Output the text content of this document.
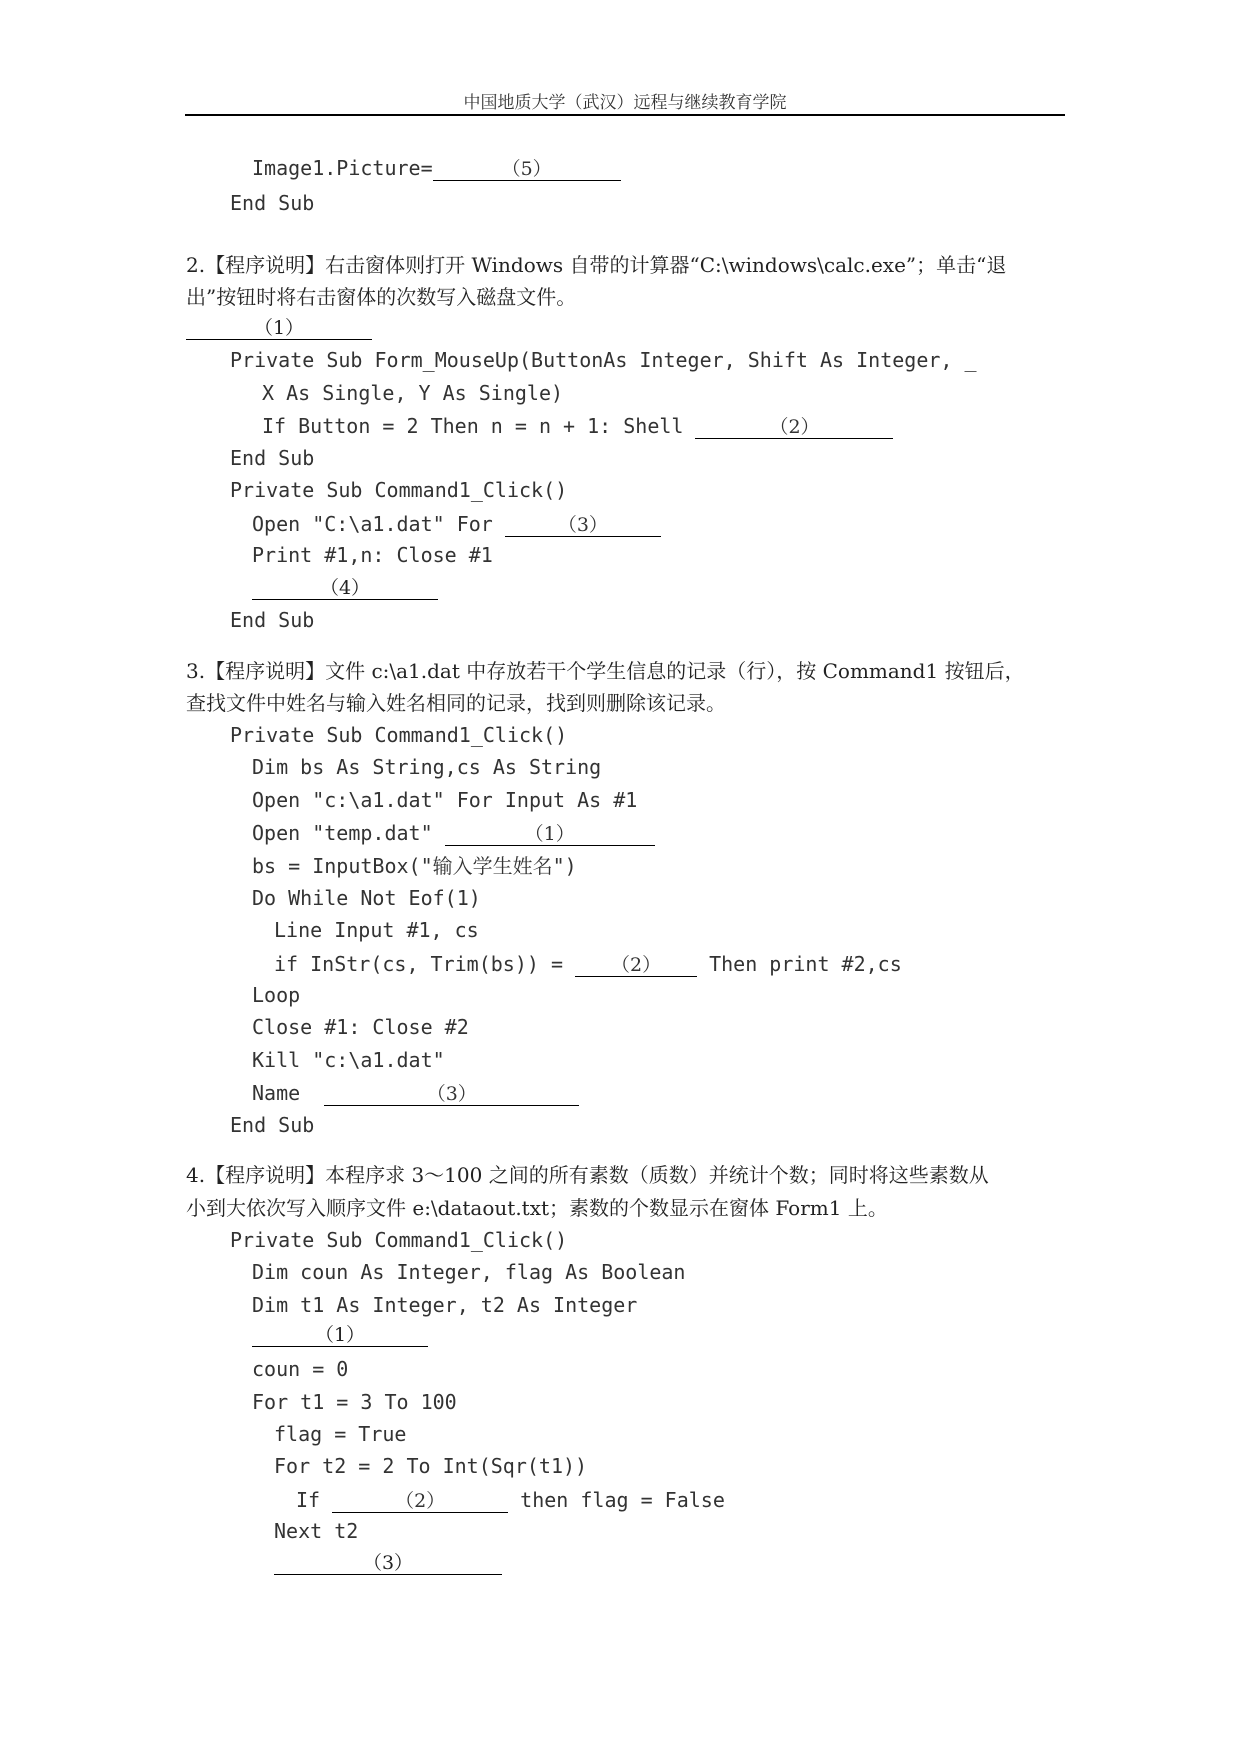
中国地质大学（武汉）远程与继续教育学院
Image1.Picture=	（5）
End Sub
2.【程序说明】右击窗体则打开 Windows 自带的计算器“C:\windows\calc.exe”；单击“退
出”按钮时将右击窗体的次数写入磁盘文件。
（1）
Private Sub Form_MouseUp(ButtonAs Integer, Shift As Integer, _
X As Single, Y As Single)
If Button = 2 Then n = n + 1: Shell	（2）
End Sub
Private Sub Command1_Click()
Open "C:\a1.dat" For	（3）
Print #1,n: Close #1
（4）
End Sub
3.【程序说明】文件 c:\a1.dat 中存放若干个学生信息的记录（行），按 Command1 按钮后，
查找文件中姓名与输入姓名相同的记录，找到则删除该记录。
Private Sub Command1_Click()
Dim bs As String,cs As String
Open "c:\a1.dat" For Input As #1
Open "temp.dat"	（1）
bs = InputBox("输入学生姓名")
Do While Not Eof(1)
Line Input #1, cs
if InStr(cs, Trim(bs)) = （2） Then print #2,cs
Loop
Close #1: Close #2
Kill "c:\a1.dat"
Name	（3）
End Sub
4.【程序说明】本程序求 3～100 之间的所有素数（质数）并统计个数；同时将这些素数从
小到大依次写入顺序文件 e:\dataout.txt；素数的个数显示在窗体 Form1 上。
Private Sub Command1_Click()
Dim coun As Integer, flag As Boolean
Dim t1 As Integer, t2 As Integer
（1）
coun = 0
For t1 = 3 To 100
flag = True
For t2 = 2 To Int(Sqr(t1))
If	（2）	then flag = False
Next t2
（3）
